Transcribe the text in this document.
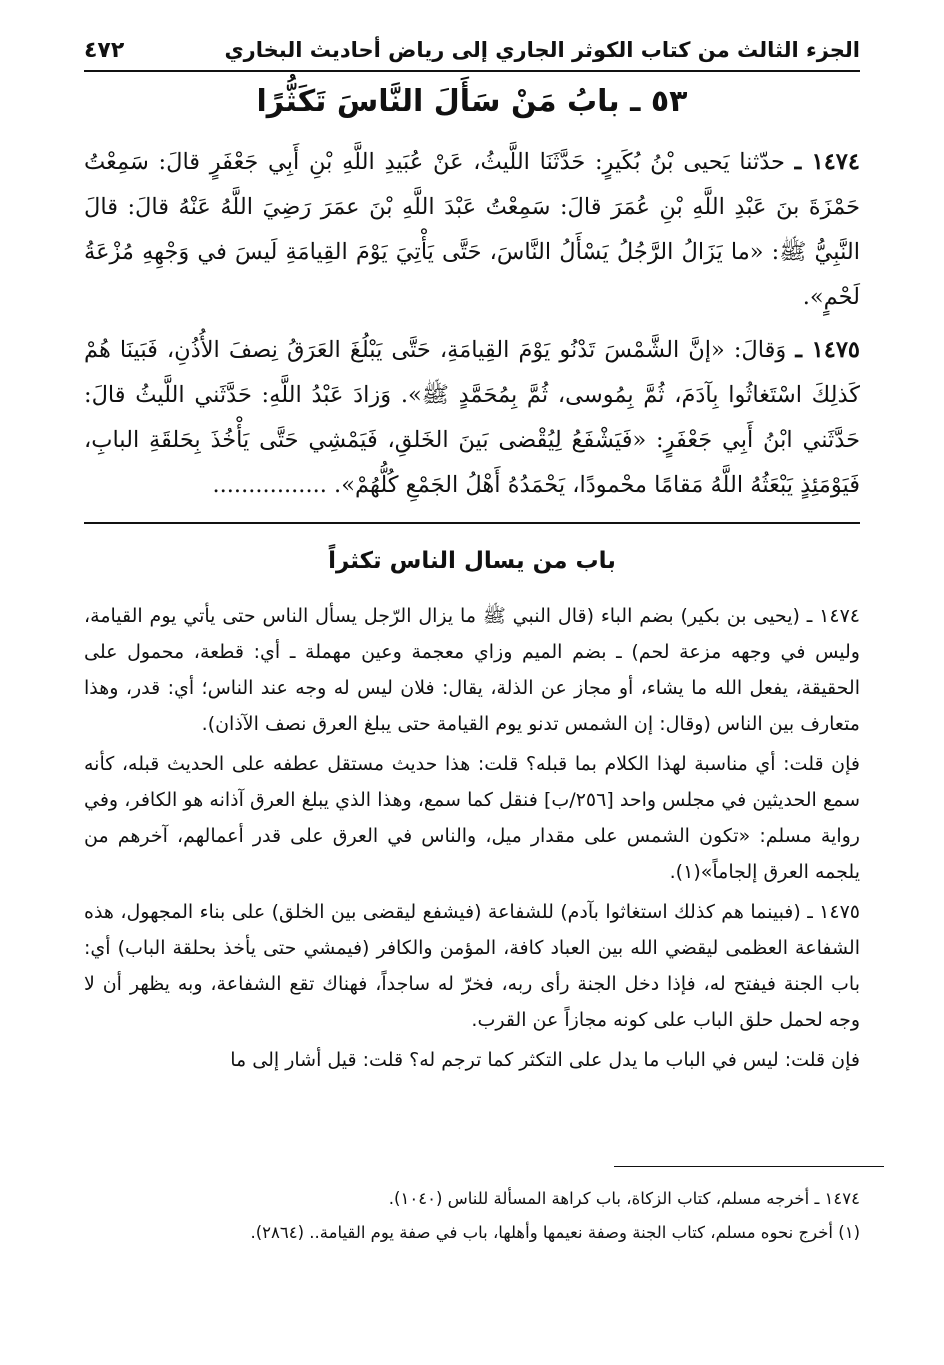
الجزء الثالث من كتاب الكوثر الجاري إلى رياض أحاديث البخاري
٤٧٢
٥٣ ـ بابُ مَنْ سَأَلَ النَّاسَ تَكَثُّرًا

١٤٧٤ ـ حدّثنا يَحيى بْنُ بُكَيرٍ: حَدَّثَنَا اللَّيثُ، عَنْ عُبَيدِ اللَّهِ بْنِ أَبِي جَعْفَرٍ قالَ: سَمِعْتُ حَمْزَةَ بنَ عَبْدِ اللَّهِ بْنِ عُمَرَ قالَ: سَمِعْتُ عَبْدَ اللَّهِ بْنَ عمَرَ رَضِيَ اللَّهُ عَنْهُ قالَ: قالَ النَّبِيُّ ﷺ: «ما يَزَالُ الرَّجُلُ يَسْأَلُ النَّاسَ، حَتَّى يَأْتِيَ يَوْمَ القِيامَةِ لَيسَ في وَجْهِهِ مُزْعَةُ لَحْمٍ».

١٤٧٥ ـ وَقالَ: «إنَّ الشَّمْسَ تَدْنُو يَوْمَ القِيامَةِ، حَتَّى يَبْلُغَ العَرَقُ نِصفَ الأُذُنِ، فَبَينَا هُمْ كَذلِكَ اسْتَغاثُوا بِآدَمَ، ثُمَّ بِمُوسى، ثُمَّ بِمُحَمَّدٍ ﷺ». وَزادَ عَبْدُ اللَّهِ: حَدَّثَني اللَّيثُ قالَ: حَدَّثَني ابْنُ أَبِي جَعْفَرٍ: «فَيَشْفَعُ لِيُقْضى بَينَ الخَلقِ، فَيَمْشِي حَتَّى يَأْخُذَ بِحَلقَةِ البابِ، فَيَوْمَئِذٍ يَبْعَثُهُ اللَّهُ مَقامًا محْمودًا، يَحْمَدُهُ أَهْلُ الجَمْعِ كُلُّهُمْ». ................

باب من يسال الناس تكثراً

١٤٧٤ ـ (يحيى بن بكير) بضم الباء (قال النبي ﷺ ما يزال الرّجل يسأل الناس حتى يأتي يوم القيامة، وليس في وجهه مزعة لحم) ـ بضم الميم وزاي معجمة وعين مهملة ـ أي: قطعة، محمول على الحقيقة، يفعل الله ما يشاء، أو مجاز عن الذلة، يقال: فلان ليس له وجه عند الناس؛ أي: قدر، وهذا متعارف بين الناس (وقال: إن الشمس تدنو يوم القيامة حتى يبلغ العرق نصف الآذان).

فإن قلت: أي مناسبة لهذا الكلام بما قبله؟ قلت: هذا حديث مستقل عطفه على الحديث قبله، كأنه سمع الحديثين في مجلس واحد [٢٥٦/ب] فنقل كما سمع، وهذا الذي يبلغ العرق آذانه هو الكافر، وفي رواية مسلم: «تكون الشمس على مقدار ميل، والناس في العرق على قدر أعمالهم، آخرهم من يلجمه العرق إلجاماً»(١).

١٤٧٥ ـ (فبينما هم كذلك استغاثوا بآدم) للشفاعة (فيشفع ليقضى بين الخلق) على بناء المجهول، هذه الشفاعة العظمى ليقضي الله بين العباد كافة، المؤمن والكافر (فيمشي حتى يأخذ بحلقة الباب) أي: باب الجنة فيفتح له، فإذا دخل الجنة رأى ربه، فخرّ له ساجداً، فهناك تقع الشفاعة، وبه يظهر أن لا وجه لحمل حلق الباب على كونه مجازاً عن القرب.

فإن قلت: ليس في الباب ما يدل على التكثر كما ترجم له؟ قلت: قيل أشار إلى ما

١٤٧٤ ـ أخرجه مسلم، كتاب الزكاة، باب كراهة المسألة للناس (١٠٤٠).

(١) أخرج نحوه مسلم، كتاب الجنة وصفة نعيمها وأهلها، باب في صفة يوم القيامة.. (٢٨٦٤).
